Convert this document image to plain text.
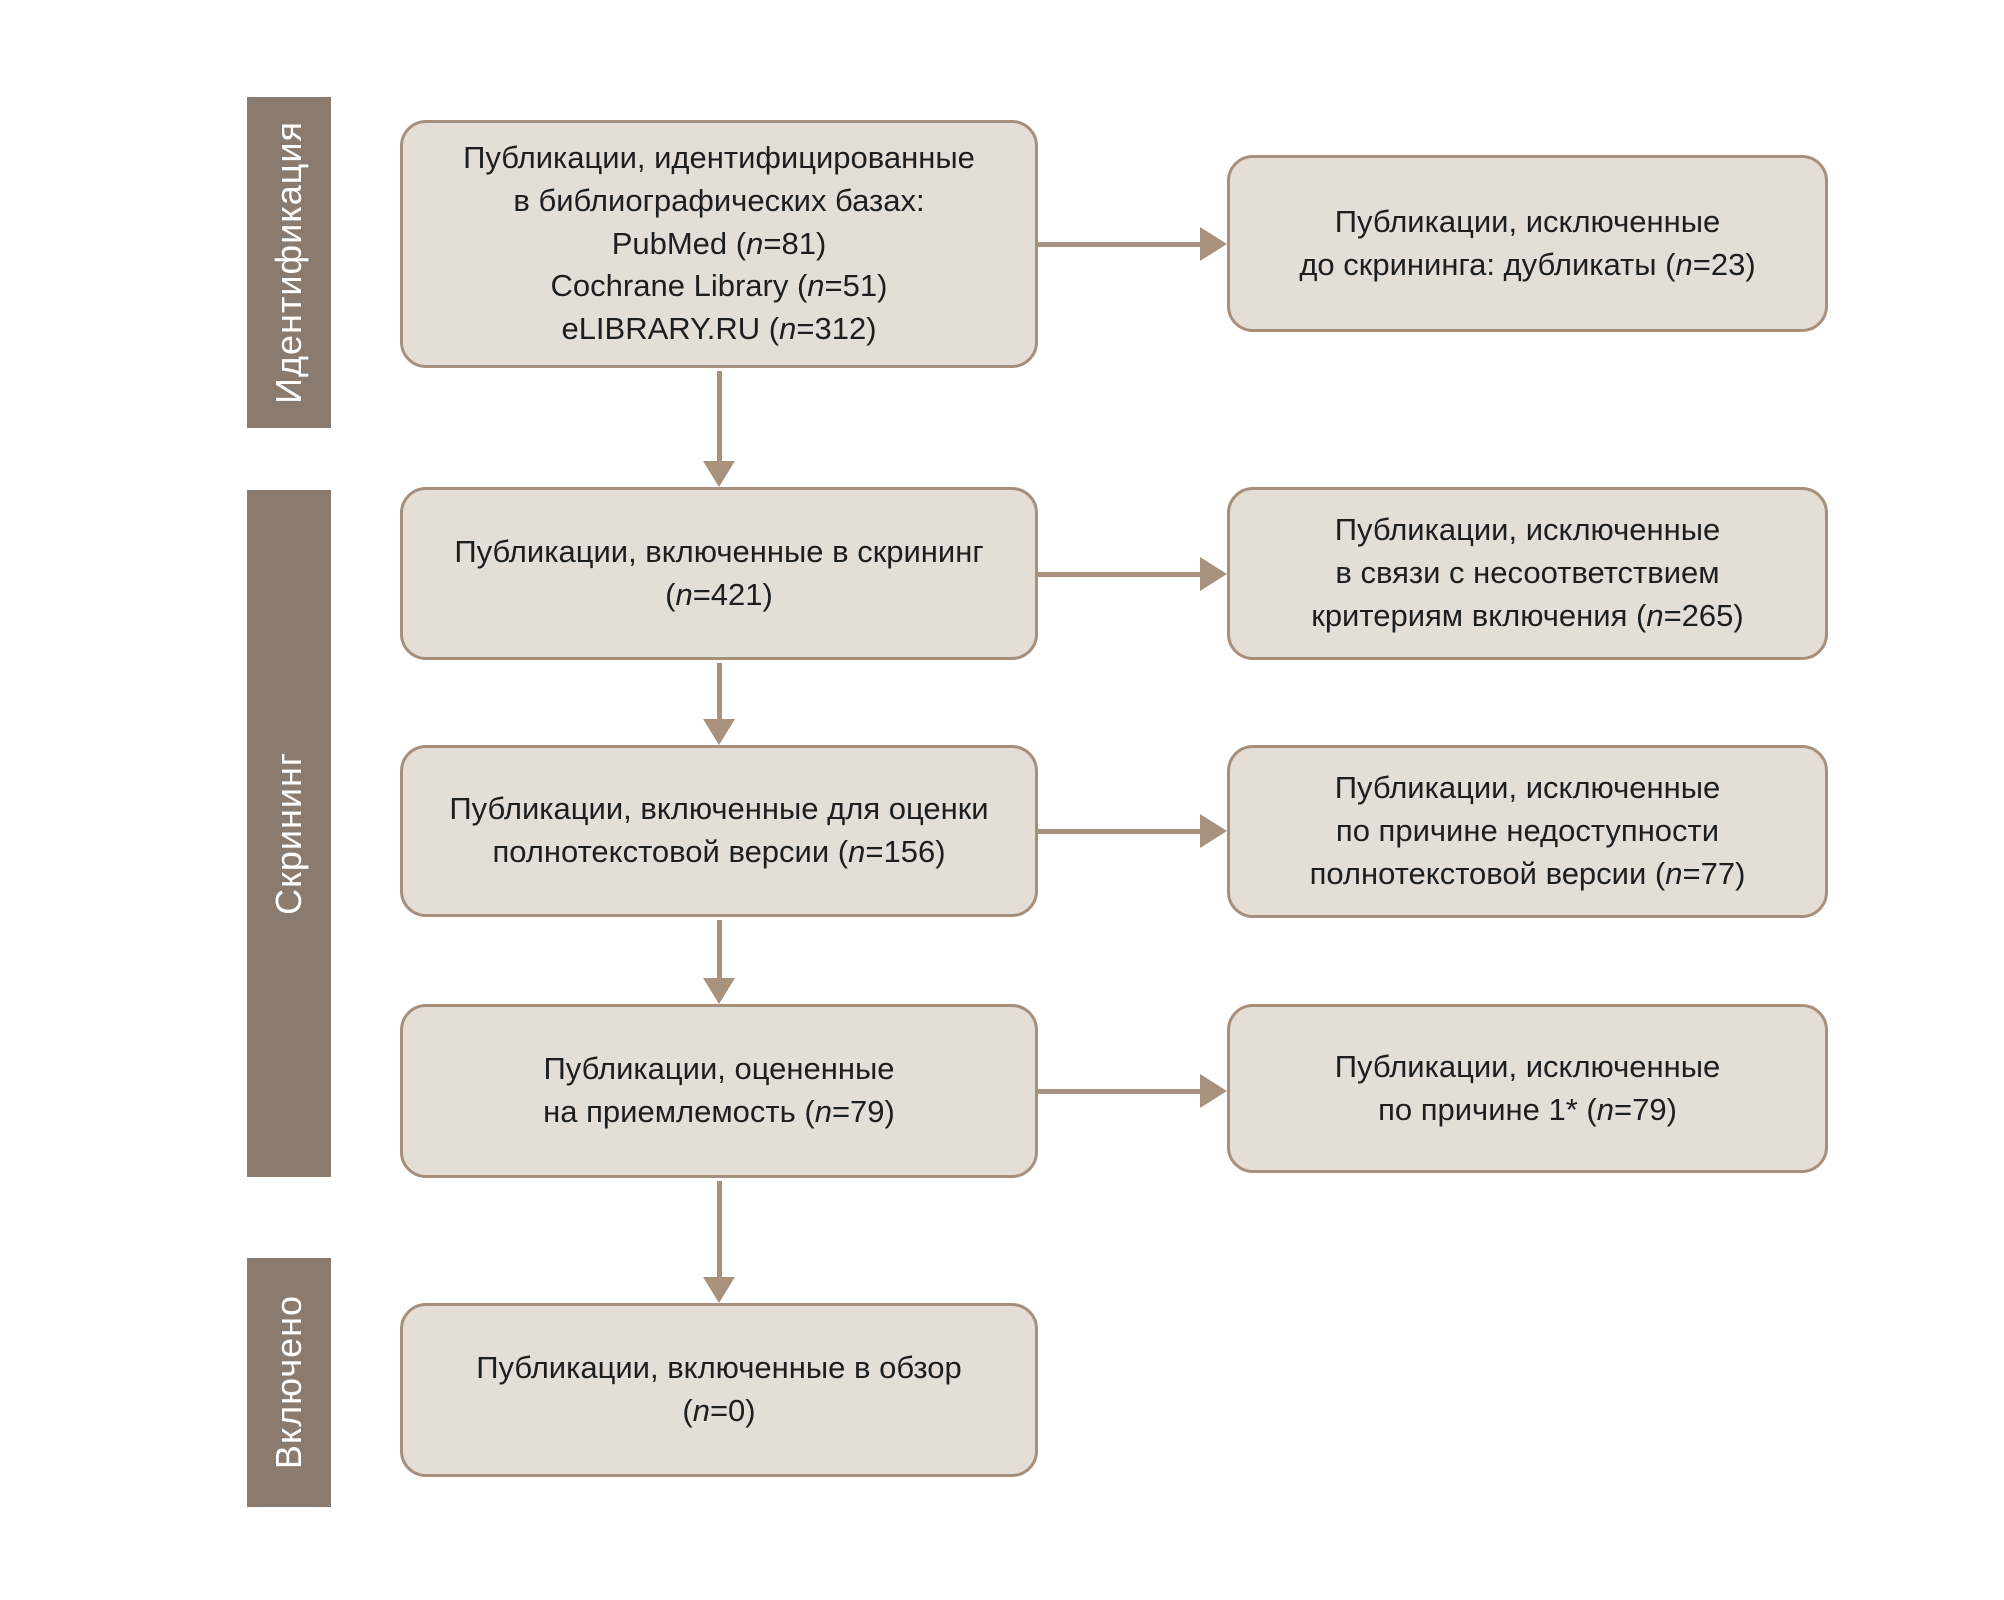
Идентификация
Скрининг
Включено
Публикации, идентифицированные
в библиографических базах:
PubMed (n=81)
Cochrane Library (n=51)
eLIBRARY.RU (n=312)
Публикации, включенные в скрининг
(n=421)
Публикации, включенные для оценки
полнотекстовой версии (n=156)
Публикации, оцененные
на приемлемость (n=79)
Публикации, включенные в обзор
(n=0)
Публикации, исключенные
до скрининга: дубликаты (n=23)
Публикации, исключенные
в связи с несоответствием
критериям включения (n=265)
Публикации, исключенные
по причине недоступности
полнотекстовой версии (n=77)
Публикации, исключенные
по причине 1* (n=79)
